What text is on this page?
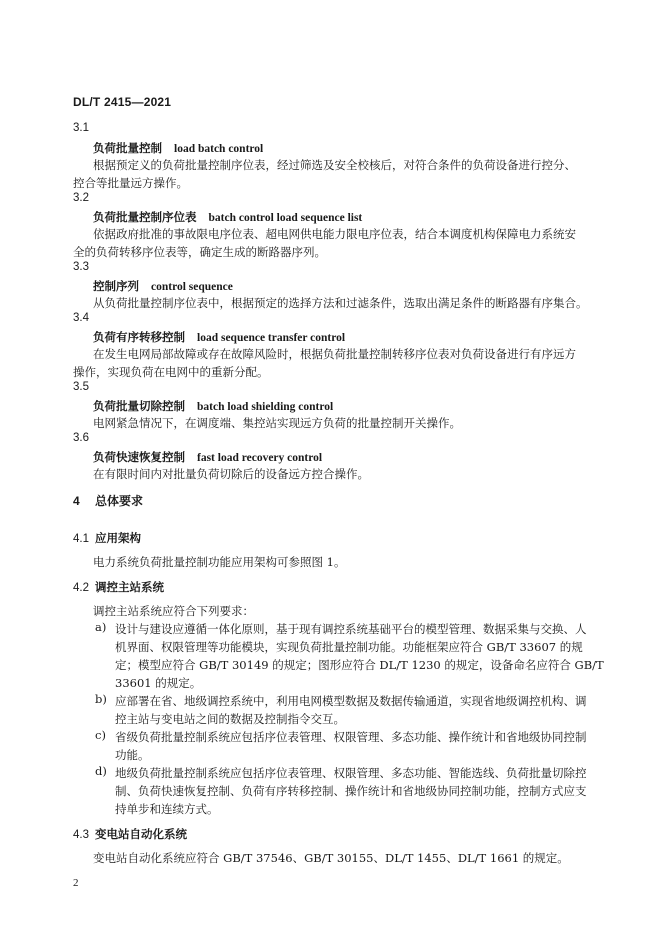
DL/T 2415—2021
3.1
负荷批量控制 load batch control
根据预定义的负荷批量控制序位表，经过筛选及安全校核后，对符合条件的负荷设备进行控分、
控合等批量远方操作。
3.2
负荷批量控制序位表 batch control load sequence list
依据政府批准的事故限电序位表、超电网供电能力限电序位表，结合本调度机构保障电力系统安
全的负荷转移序位表等，确定生成的断路器序列。
3.3
控制序列 control sequence
从负荷批量控制序位表中，根据预定的选择方法和过滤条件，选取出满足条件的断路器有序集合。
3.4
负荷有序转移控制 load sequence transfer control
在发生电网局部故障或存在故障风险时，根据负荷批量控制转移序位表对负荷设备进行有序远方
操作，实现负荷在电网中的重新分配。
3.5
负荷批量切除控制 batch load shielding control
电网紧急情况下，在调度端、集控站实现远方负荷的批量控制开关操作。
3.6
负荷快速恢复控制 fast load recovery control
在有限时间内对批量负荷切除后的设备远方控合操作。
4 总体要求
4.1 应用架构
电力系统负荷批量控制功能应用架构可参照图 1。
4.2 调控主站系统
调控主站系统应符合下列要求：
a) 设计与建设应遵循一体化原则，基于现有调控系统基础平台的模型管理、数据采集与交换、人
机界面、权限管理等功能模块，实现负荷批量控制功能。功能框架应符合 GB/T 33607 的规
定；模型应符合 GB/T 30149 的规定；图形应符合 DL/T 1230 的规定，设备命名应符合 GB/T
33601 的规定。
b) 应部署在省、地级调控系统中，利用电网模型数据及数据传输通道，实现省地级调控机构、调
控主站与变电站之间的数据及控制指令交互。
c) 省级负荷批量控制系统应包括序位表管理、权限管理、多态功能、操作统计和省地级协同控制
功能。
d) 地级负荷批量控制系统应包括序位表管理、权限管理、多态功能、智能选线、负荷批量切除控
制、负荷快速恢复控制、负荷有序转移控制、操作统计和省地级协同控制功能，控制方式应支
持单步和连续方式。
4.3 变电站自动化系统
变电站自动化系统应符合 GB/T 37546、GB/T 30155、DL/T 1455、DL/T 1661 的规定。
2
